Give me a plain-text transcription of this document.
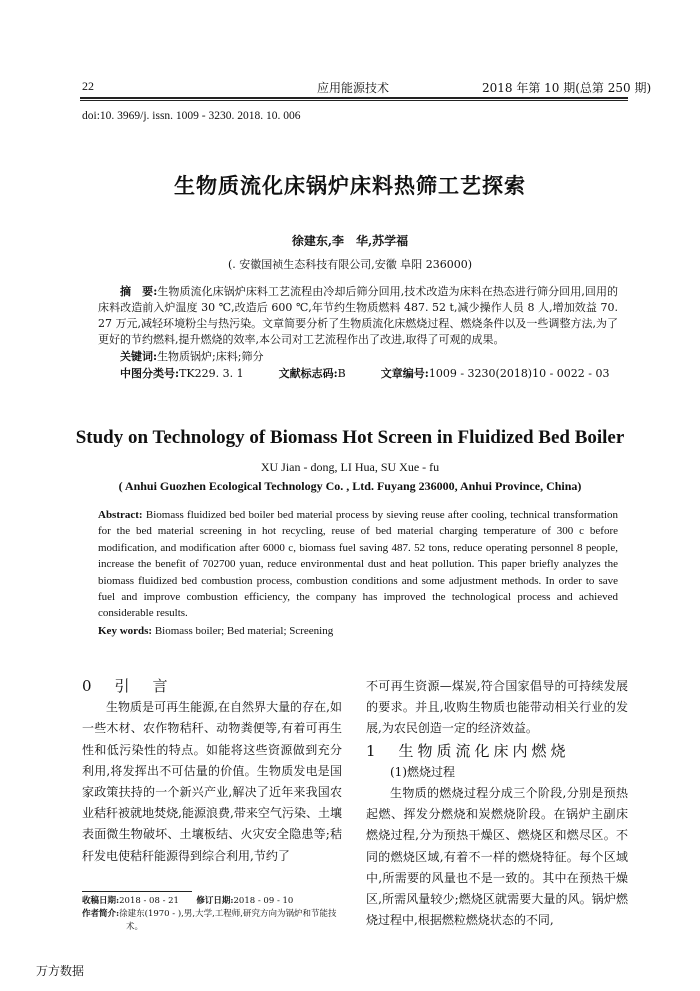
22	应用能源技术	2018 年第 10 期(总第 250 期)
doi:10. 3969/j. issn. 1009 - 3230. 2018. 10. 006
生物质流化床锅炉床料热筛工艺探索
徐建东,李　华,苏学福
(. 安徽国祯生态科技有限公司,安徽 阜阳 236000)
摘　要:生物质流化床锅炉床料工艺流程由冷却后筛分回用,技术改造为床料在热态进行筛分回用,回用的床料改造前入炉温度 30 ℃,改造后 600 ℃,年节约生物质燃料 487. 52 t,减少操作人员 8 人,增加效益 70. 27 万元,减轻环境粉尘与热污染。文章简要分析了生物质流化床燃烧过程、燃烧条件以及一些调整方法,为了更好的节约燃料,提升燃烧的效率,本公司对工艺流程作出了改进,取得了可观的成果。
关键词:生物质锅炉;床料;筛分
中图分类号:TK229. 3. 1	文献标志码:B	文章编号:1009 - 3230(2018)10 - 0022 - 03
Study on Technology of Biomass Hot Screen in Fluidized Bed Boiler
XU Jian - dong, LI Hua, SU Xue - fu
( Anhui Guozhen Ecological Technology Co. , Ltd. Fuyang 236000, Anhui Province, China)
Abstract: Biomass fluidized bed boiler bed material process by sieving reuse after cooling, technical transformation for the bed material screening in hot recycling, reuse of bed material charging temperature of 300 c before modification, and modification after 6000 c, biomass fuel saving 487. 52 tons, reduce operating personnel 8 people, increase the benefit of 702700 yuan, reduce environmental dust and heat pollution. This paper briefly analyzes the biomass fluidized bed combustion process, combustion conditions and some adjustment methods. In order to save fuel and improve combustion efficiency, the company has improved the technological process and achieved considerable results.
Key words: Biomass boiler; Bed material; Screening

0　引　言

生物质是可再生能源,在自然界大量的存在,如一些木材、农作物秸秆、动物粪便等,有着可再生性和低污染性的特点。如能将这些资源做到充分利用,将发挥出不可估量的价值。生物质发电是国家政策扶持的一个新兴产业,解决了近年来我国农业秸秆被就地焚烧,能源浪费,带来空气污染、土壤表面微生物破坏、土壤板结、火灾安全隐患等;秸秆发电使秸秆能源得到综合利用,节约了

收稿日期:2018 - 08 - 21 修订日期:2018 - 09 - 10
作者简介:徐建东(1970 - ),男,大学,工程师,研究方向为锅炉和节能技术。

不可再生资源—煤炭,符合国家倡导的可持续发展的要求。并且,收购生物质也能带动相关行业的发展,为农民创造一定的经济效益。

1　生物质流化床内燃烧

(1)燃烧过程

生物质的燃烧过程分成三个阶段,分别是预热起燃、挥发分燃烧和炭燃烧阶段。在锅炉主副床燃烧过程,分为预热干燥区、燃烧区和燃尽区。不同的燃烧区域,有着不一样的燃烧特征。每个区域中,所需要的风量也不是一致的。其中在预热干燥区,所需风量较少;燃烧区就需要大量的风。锅炉燃烧过程中,根据燃粒燃烧状态的不同,

万方数据
